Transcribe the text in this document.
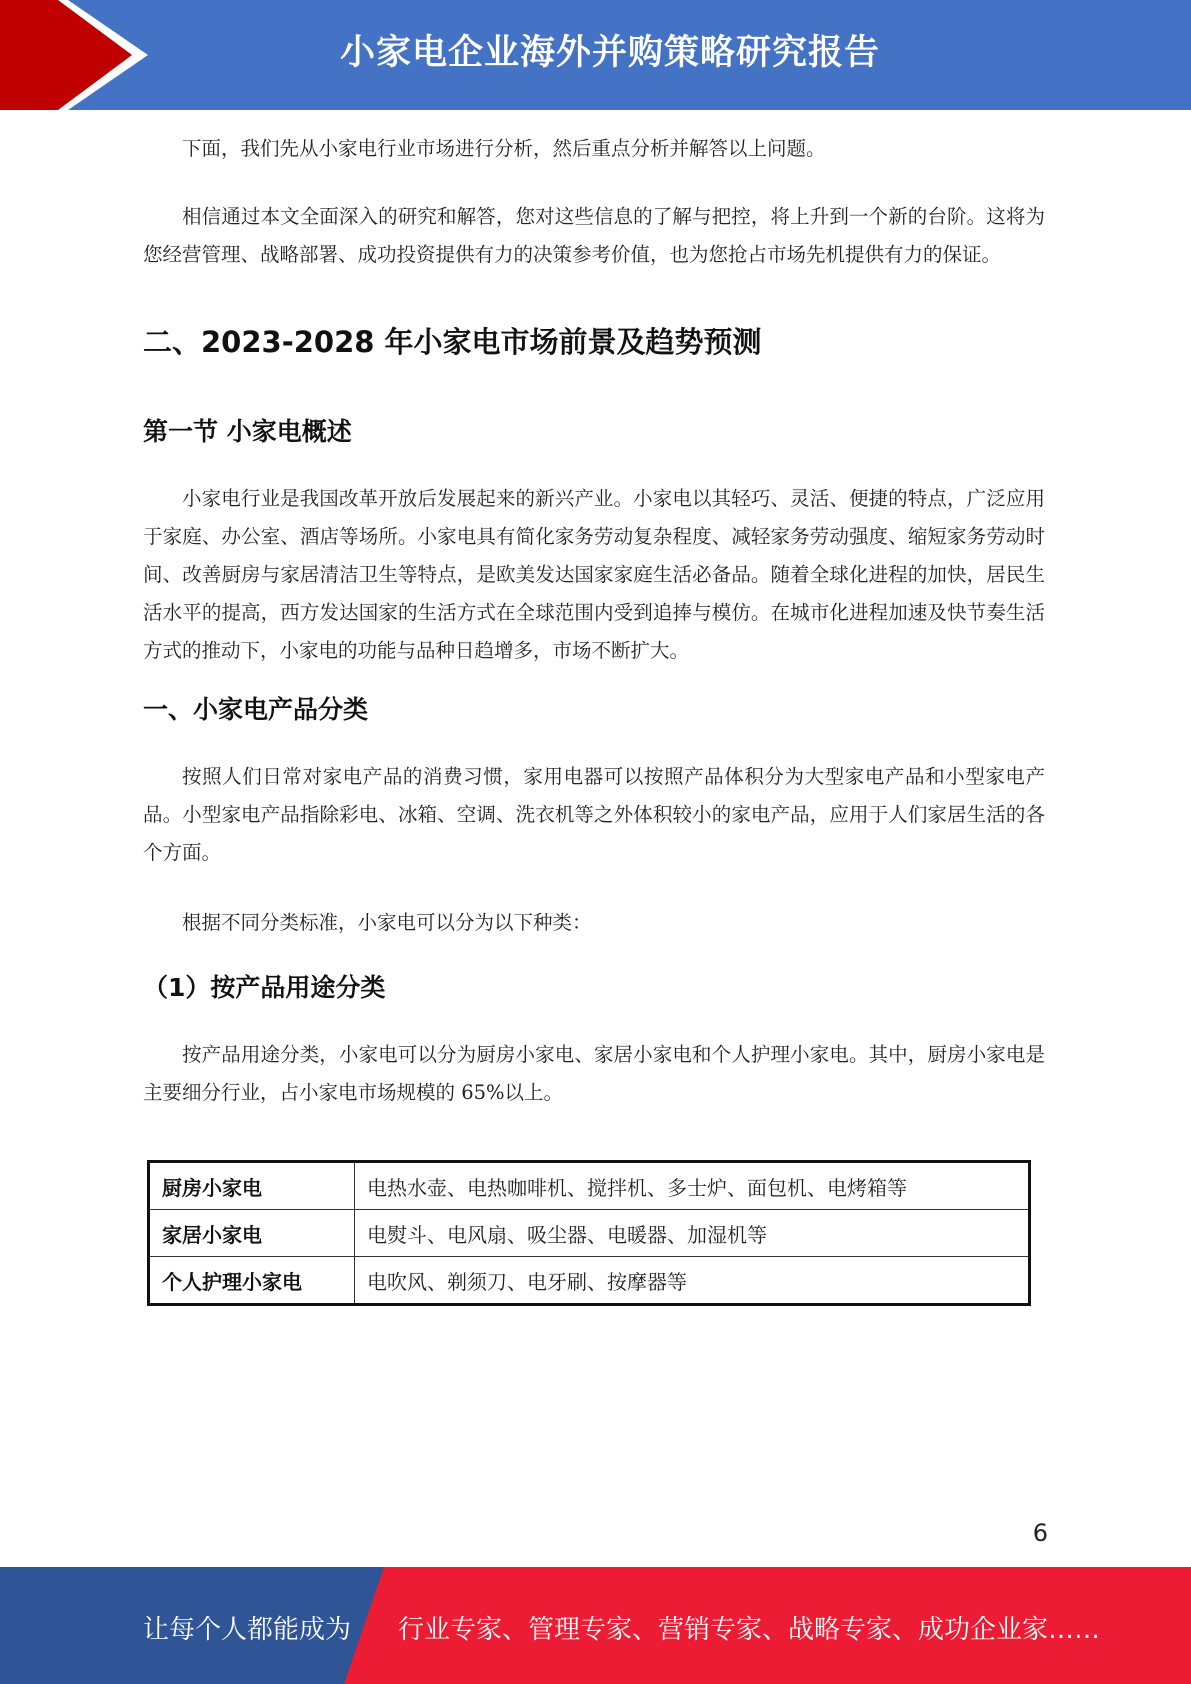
小家电企业海外并购策略研究报告

下面，我们先从小家电行业市场进行分析，然后重点分析并解答以上问题。

相信通过本文全面深入的研究和解答，您对这些信息的了解与把控，将上升到一个新的台阶。这将为您经营管理、战略部署、成功投资提供有力的决策参考价值，也为您抢占市场先机提供有力的保证。

二、2023-2028 年小家电市场前景及趋势预测
第一节 小家电概述

小家电行业是我国改革开放后发展起来的新兴产业。小家电以其轻巧、灵活、便捷的特点，广泛应用于家庭、办公室、酒店等场所。小家电具有简化家务劳动复杂程度、减轻家务劳动强度、缩短家务劳动时间、改善厨房与家居清洁卫生等特点，是欧美发达国家家庭生活必备品。随着全球化进程的加快，居民生活水平的提高，西方发达国家的生活方式在全球范围内受到追捧与模仿。在城市化进程加速及快节奏生活方式的推动下，小家电的功能与品种日趋增多，市场不断扩大。

一、小家电产品分类

按照人们日常对家电产品的消费习惯，家用电器可以按照产品体积分为大型家电产品和小型家电产品。小型家电产品指除彩电、冰箱、空调、洗衣机等之外体积较小的家电产品，应用于人们家居生活的各个方面。

根据不同分类标准，小家电可以分为以下种类：

（1）按产品用途分类

按产品用途分类，小家电可以分为厨房小家电、家居小家电和个人护理小家电。其中，厨房小家电是主要细分行业，占小家电市场规模的 65%以上。

厨房小家电	电热水壶、电热咖啡机、搅拌机、多士炉、面包机、电烤箱等
家居小家电	电熨斗、电风扇、吸尘器、电暖器、加湿机等
个人护理小家电	电吹风、剃须刀、电牙刷、按摩器等
6
让每个人都能成为 行业专家、管理专家、营销专家、战略专家、成功企业家……
